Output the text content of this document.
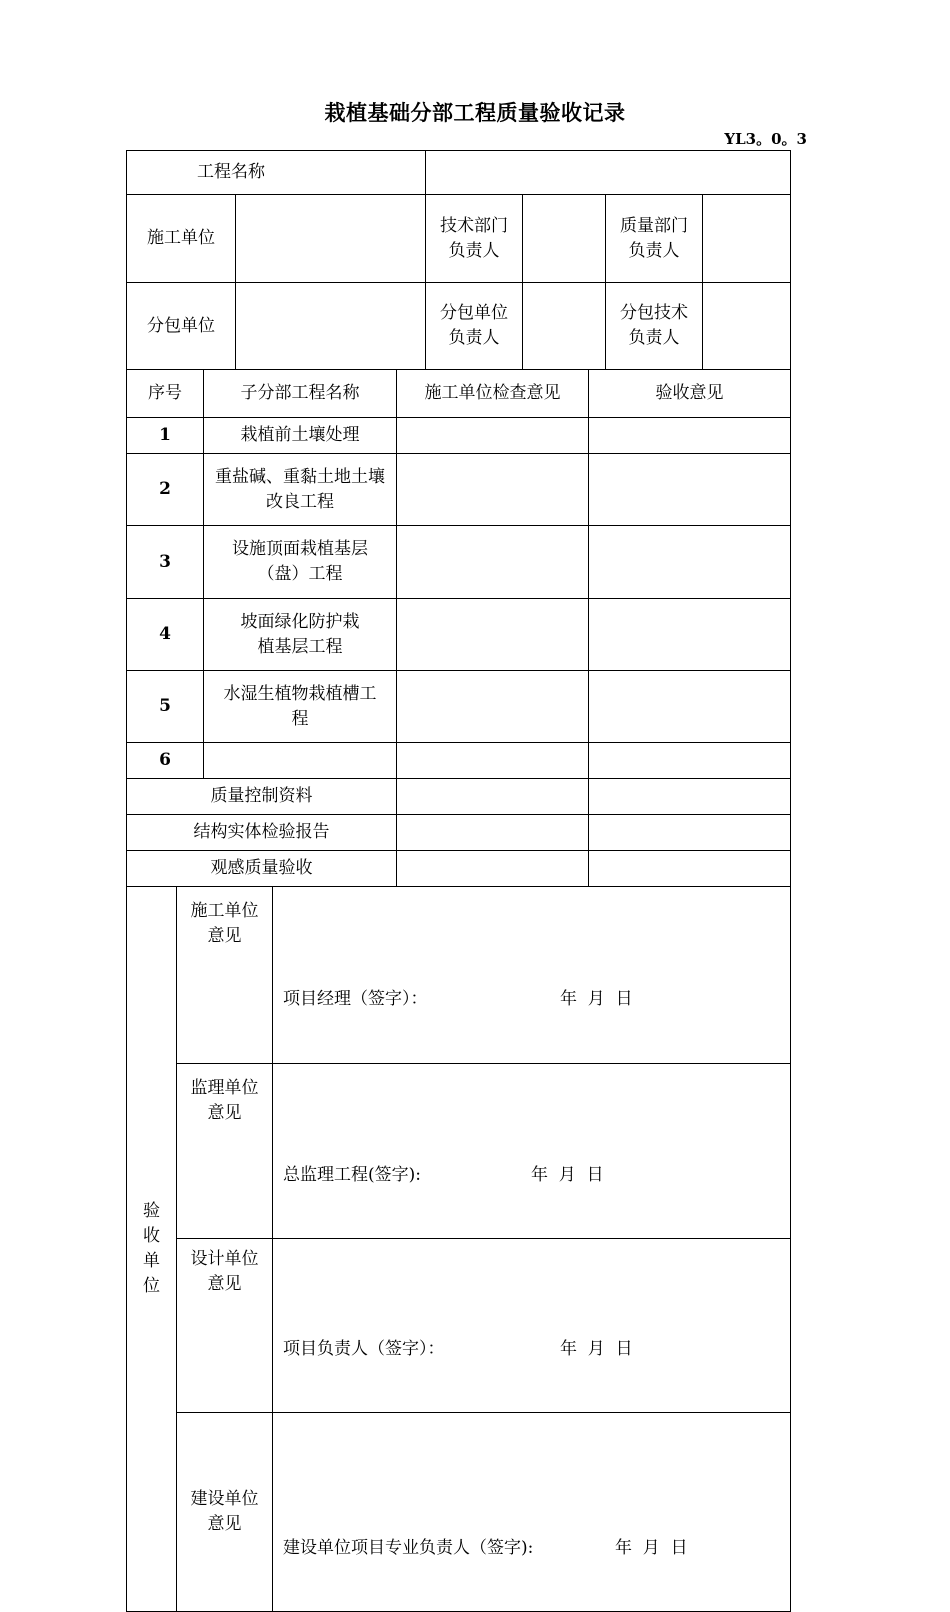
栽植基础分部工程质量验收记录
YL3。0。3
工程名称					
施工单位		技术部门负责人		质量部门负责人	
分包单位		分包单位负责人		分包技术负责人	
序号	子分部工程名称	施工单位检查意见	验收意见
1	栽植前土壤处理		
2	重盐碱、重黏土地土壤改良工程		
3	设施顶面栽植基层（盘）工程		
4	坡面绿化防护栽植基层工程		
5	水湿生植物栽植槽工程		
6			
质量控制资料			
结构实体检验报告			
观感质量验收			
验收单位	施工单位意见	项目经理（签字）：

年  月  日

	监理单位意见	总监理工程(签字):

年  月  日

	设计单位意见	项目负责人（签字）：

年  月  日

	建设单位意见	建设单位项目专业负责人（签字):

年  月  日
